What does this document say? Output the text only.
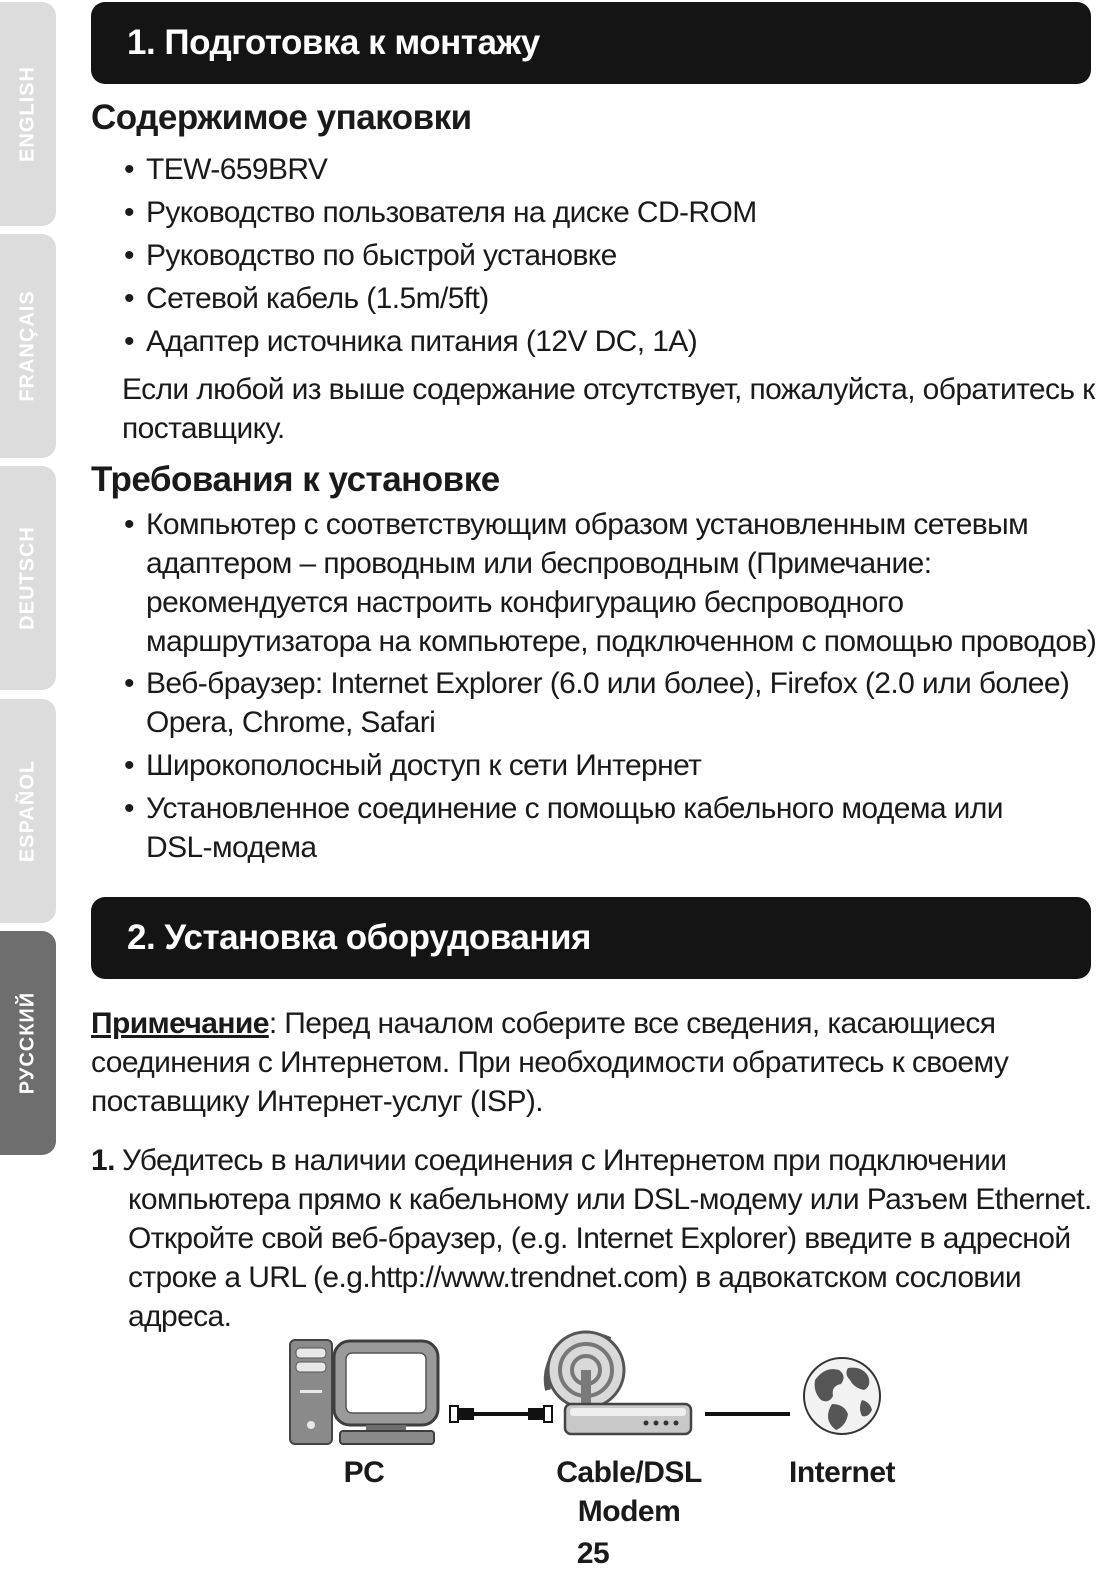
ENGLISH
FRANÇAIS
DEUTSCH
ESPAÑOL
РУССКИЙ
1. Подготовка к монтажу
Содержимое упаковки
• TEW-659BRV
• Руководство пользователя на диске CD-ROM
• Руководство по быстрой установке
• Сетевой кабель (1.5m/5ft)
• Адаптер источника питания (12V DC, 1A)
Если любой из выше содержание отсутствует, пожалуйста, обратитесь к
поставщику.
Требования к установке
• Компьютер с соответствующим образом установленным сетевым
адаптером – проводным или беспроводным (Примечание:
рекомендуется настроить конфигурацию беспроводного
маршрутизатора на компьютере, подключенном с помощью проводов)
• Веб-браузер: Internet Explorer (6.0 или более), Firefox (2.0 или более)
Opera, Chrome, Safari
• Широкополосный доступ к сети Интернет
• Установленное соединение с помощью кабельного модема или
DSL-модема
2. Установка оборудования
Примечание: Перед началом соберите все сведения, касающиеся
соединения с Интернетом. При необходимости обратитесь к своему
поставщику Интернет-услуг (ISP).
1. Убедитесь в наличии соединения с Интернетом при подключении
компьютера прямо к кабельному или DSL-модему или Разъем Ethernet.
Откройте свой веб-браузер, (e.g. Internet Explorer) введите в адресной
строке а URL (e.g.http://www.trendnet.com) в адвокатском сословии
адреса.
PC	Cable/DSL
Modem
Internet
25
